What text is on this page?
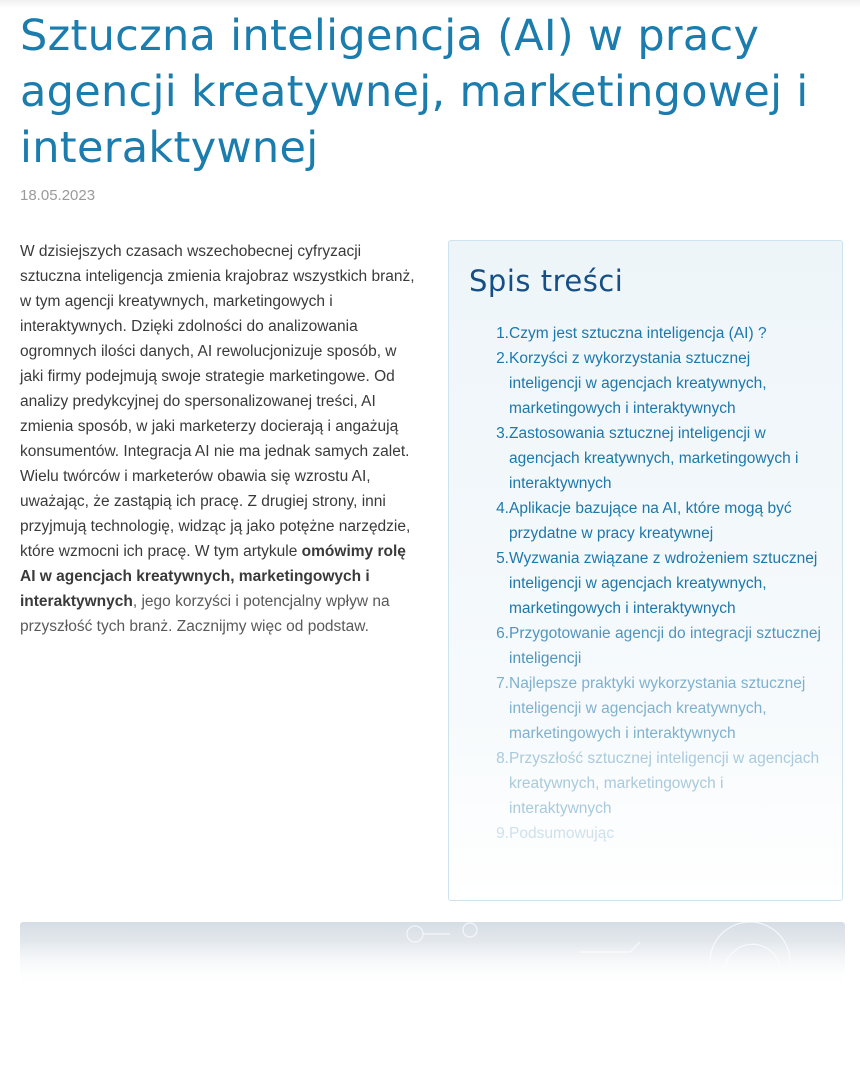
Sztuczna inteligencja (AI) w pracy agencji kreatywnej, marketingowej i interaktywnej
18.05.2023

W dzisiejszych czasach wszechobecnej cyfryzacji sztuczna inteligencja zmienia krajobraz wszystkich branż, w tym agencji kreatywnych, marketingowych i interaktywnych. Dzięki zdolności do analizowania ogromnych ilości danych, AI rewolucjonizuje sposób, w jaki firmy podejmują swoje strategie marketingowe. Od analizy predykcyjnej do spersonalizowanej treści, AI zmienia sposób, w jaki marketerzy docierają i angażują konsumentów. Integracja AI nie ma jednak samych zalet. Wielu twórców i marketerów obawia się wzrostu AI, uważając, że zastąpią ich pracę. Z drugiej strony, inni przyjmują technologię, widząc ją jako potężne narzędzie, które wzmocni ich pracę. W tym artykule omówimy rolę AI w agencjach kreatywnych, marketingowych i interaktywnych, jego korzyści i potencjalny wpływ na przyszłość tych branż. Zacznijmy więc od podstaw.

Spis treści
1. Czym jest sztuczna inteligencja (AI) ?
2. Korzyści z wykorzystania sztucznej inteligencji w agencjach kreatywnych, marketingowych i interaktywnych
3. Zastosowania sztucznej inteligencji w agencjach kreatywnych, marketingowych i interaktywnych
4. Aplikacje bazujące na AI, które mogą być przydatne w pracy kreatywnej
5. Wyzwania związane z wdrożeniem sztucznej inteligencji w agencjach kreatywnych, marketingowych i interaktywnych
6. Przygotowanie agencji do integracji sztucznej inteligencji
7. Najlepsze praktyki wykorzystania sztucznej inteligencji w agencjach kreatywnych, marketingowych i interaktywnych
8. Przyszłość sztucznej inteligencji w agencjach kreatywnych, marketingowych i interaktywnych
9. Podsumowując
